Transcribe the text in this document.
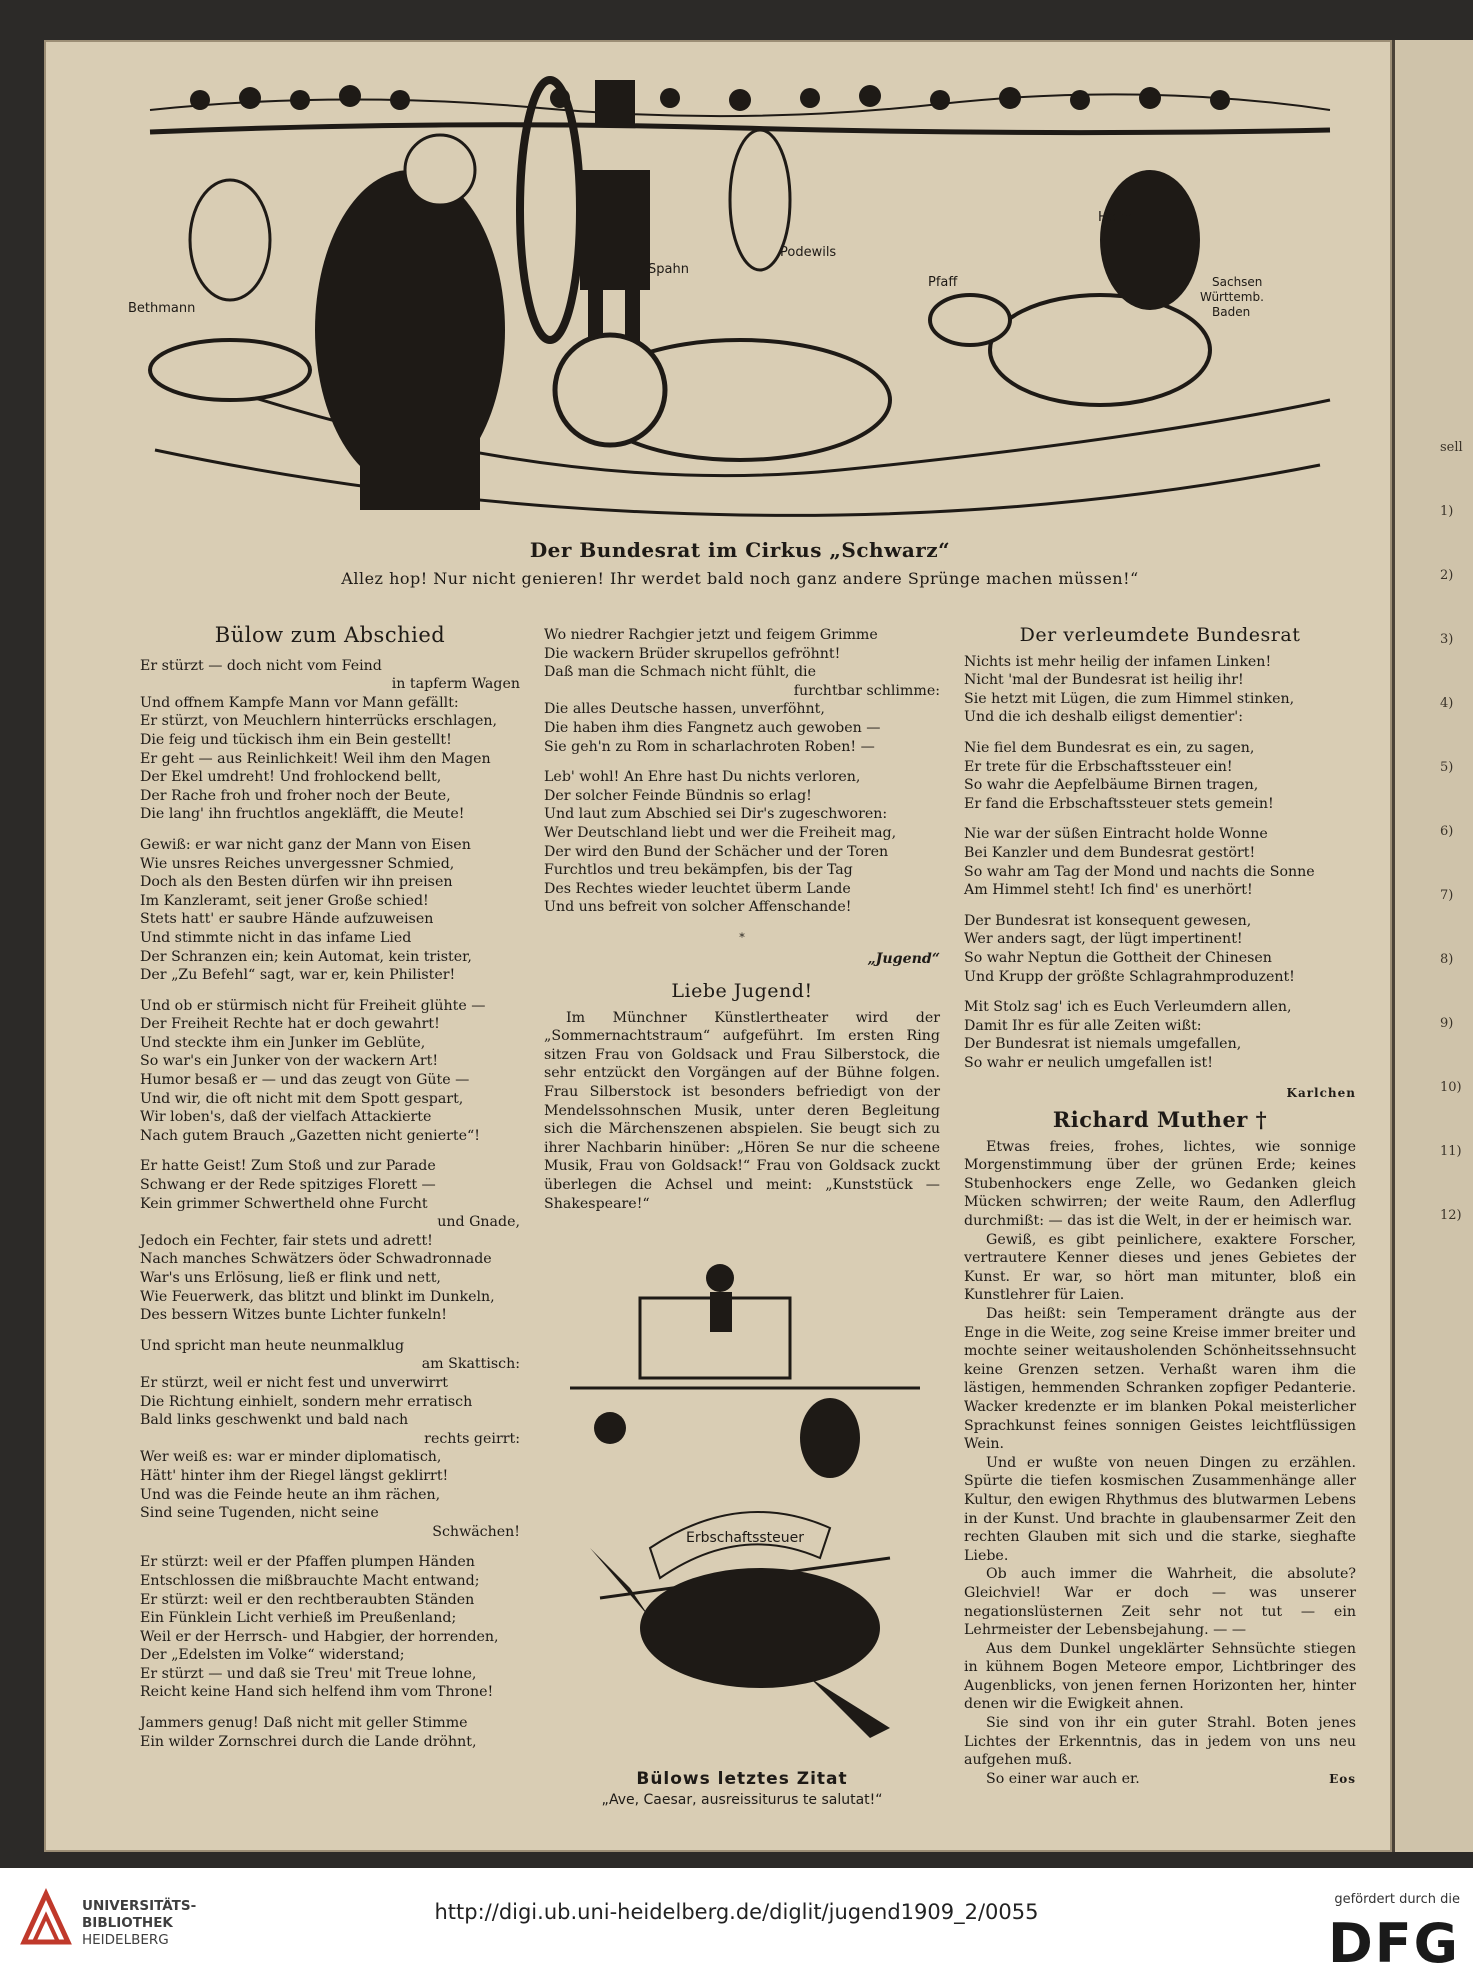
sell
1)
2)
3)
4)
5)
6)
7)
8)
9)
10)
11)
12)
Bethmann
Spahn
Podewils
Pfaff
Heim
Sachsen
Württemb.
Baden
Der Bundesrat im Cirkus „Schwarz“
Allez hop! Nur nicht genieren! Ihr werdet bald noch ganz andere Sprünge machen müssen!“
Bülow zum Abschied
Er stürzt — doch nicht vom Feind
in tapferm Wagen
Und offnem Kampfe Mann vor Mann gefällt:
Er stürzt, von Meuchlern hinterrücks erschlagen,
Die feig und tückisch ihm ein Bein gestellt!
Er geht — aus Reinlichkeit! Weil ihm den Magen
Der Ekel umdreht! Und frohlockend bellt,
Der Rache froh und froher noch der Beute,
Die lang' ihn fruchtlos angekläfft, die Meute!
Gewiß: er war nicht ganz der Mann von Eisen
Wie unsres Reiches unvergessner Schmied,
Doch als den Besten dürfen wir ihn preisen
Im Kanzleramt, seit jener Große schied!
Stets hatt' er saubre Hände aufzuweisen
Und stimmte nicht in das infame Lied
Der Schranzen ein; kein Automat, kein trister,
Der „Zu Befehl“ sagt, war er, kein Philister!
Und ob er stürmisch nicht für Freiheit glühte —
Der Freiheit Rechte hat er doch gewahrt!
Und steckte ihm ein Junker im Geblüte,
So war's ein Junker von der wackern Art!
Humor besaß er — und das zeugt von Güte —
Und wir, die oft nicht mit dem Spott gespart,
Wir loben's, daß der vielfach Attackierte
Nach gutem Brauch „Gazetten nicht genierte“!
Er hatte Geist! Zum Stoß und zur Parade
Schwang er der Rede spitziges Florett —
Kein grimmer Schwertheld ohne Furcht
und Gnade,
Jedoch ein Fechter, fair stets und adrett!
Nach manches Schwätzers öder Schwadronnade
War's uns Erlösung, ließ er flink und nett,
Wie Feuerwerk, das blitzt und blinkt im Dunkeln,
Des bessern Witzes bunte Lichter funkeln!
Und spricht man heute neunmalklug
am Skattisch:
Er stürzt, weil er nicht fest und unverwirrt
Die Richtung einhielt, sondern mehr erratisch
Bald links geschwenkt und bald nach
rechts geirrt:
Wer weiß es: war er minder diplomatisch,
Hätt' hinter ihm der Riegel längst geklirrt!
Und was die Feinde heute an ihm rächen,
Sind seine Tugenden, nicht seine
Schwächen!
Er stürzt: weil er der Pfaffen plumpen Händen
Entschlossen die mißbrauchte Macht entwand;
Er stürzt: weil er den rechtberaubten Ständen
Ein Fünklein Licht verhieß im Preußenland;
Weil er der Herrsch- und Habgier, der horrenden,
Der „Edelsten im Volke“ widerstand;
Er stürzt — und daß sie Treu' mit Treue lohne,
Reicht keine Hand sich helfend ihm vom Throne!
Jammers genug! Daß nicht mit geller Stimme
Ein wilder Zornschrei durch die Lande dröhnt,
Wo niedrer Rachgier jetzt und feigem Grimme
Die wackern Brüder skrupellos gefröhnt!
Daß man die Schmach nicht fühlt, die
furchtbar schlimme:
Die alles Deutsche hassen, unverföhnt,
Die haben ihm dies Fangnetz auch gewoben —
Sie geh'n zu Rom in scharlachroten Roben! —
Leb' wohl! An Ehre hast Du nichts verloren,
Der solcher Feinde Bündnis so erlag!
Und laut zum Abschied sei Dir's zugeschworen:
Wer Deutschland liebt und wer die Freiheit mag,
Der wird den Bund der Schächer und der Toren
Furchtlos und treu bekämpfen, bis der Tag
Des Rechtes wieder leuchtet überm Lande
Und uns befreit von solcher Affenschande!
*
„Jugend“
Liebe Jugend!

Im Münchner Künstlertheater wird der „Sommernachtstraum“ aufgeführt. Im ersten Ring sitzen Frau von Goldsack und Frau Silberstock, die sehr entzückt den Vorgängen auf der Bühne folgen. Frau Silberstock ist besonders befriedigt von der Mendelssohnschen Musik, unter deren Begleitung sich die Märchenszenen abspielen. Sie beugt sich zu ihrer Nachbarin hinüber: „Hören Se nur die scheene Musik, Frau von Goldsack!“ Frau von Goldsack zuckt überlegen die Achsel und meint: „Kunststück — Shakespeare!“

Erbschaftssteuer
Bülows letztes Zitat
„Ave, Caesar, ausreissiturus te salutat!“
Der verleumdete Bundesrat
Nichts ist mehr heilig der infamen Linken!
Nicht 'mal der Bundesrat ist heilig ihr!
Sie hetzt mit Lügen, die zum Himmel stinken,
Und die ich deshalb eiligst dementier':
Nie fiel dem Bundesrat es ein, zu sagen,
Er trete für die Erbschaftssteuer ein!
So wahr die Aepfelbäume Birnen tragen,
Er fand die Erbschaftssteuer stets gemein!
Nie war der süßen Eintracht holde Wonne
Bei Kanzler und dem Bundesrat gestört!
So wahr am Tag der Mond und nachts die Sonne
Am Himmel steht! Ich find' es unerhört!
Der Bundesrat ist konsequent gewesen,
Wer anders sagt, der lügt impertinent!
So wahr Neptun die Gottheit der Chinesen
Und Krupp der größte Schlagrahmproduzent!
Mit Stolz sag' ich es Euch Verleumdern allen,
Damit Ihr es für alle Zeiten wißt:
Der Bundesrat ist niemals umgefallen,
So wahr er neulich umgefallen ist!
Karlchen
Richard Muther †

Etwas freies, frohes, lichtes, wie sonnige Morgenstimmung über der grünen Erde; keines Stubenhockers enge Zelle, wo Gedanken gleich Mücken schwirren; der weite Raum, den Adlerflug durchmißt: — das ist die Welt, in der er heimisch war.

Gewiß, es gibt peinlichere, exaktere Forscher, vertrautere Kenner dieses und jenes Gebietes der Kunst. Er war, so hört man mitunter, bloß ein Kunstlehrer für Laien.

Das heißt: sein Temperament drängte aus der Enge in die Weite, zog seine Kreise immer breiter und mochte seiner weitausholenden Schönheitssehnsucht keine Grenzen setzen. Verhaßt waren ihm die lästigen, hemmenden Schranken zopfiger Pedanterie. Wacker kredenzte er im blanken Pokal meisterlicher Sprachkunst feines sonnigen Geistes leichtflüssigen Wein.

Und er wußte von neuen Dingen zu erzählen. Spürte die tiefen kosmischen Zusammenhänge aller Kultur, den ewigen Rhythmus des blutwarmen Lebens in der Kunst. Und brachte in glaubensarmer Zeit den rechten Glauben mit sich und die starke, sieghafte Liebe.

Ob auch immer die Wahrheit, die absolute? Gleichviel! War er doch — was unserer negationslüsternen Zeit sehr not tut — ein Lehrmeister der Lebensbejahung. — —

Aus dem Dunkel ungeklärter Sehnsüchte stiegen in kühnem Bogen Meteore empor, Lichtbringer des Augenblicks, von jenen fernen Horizonten her, hinter denen wir die Ewigkeit ahnen.

Sie sind von ihr ein guter Strahl. Boten jenes Lichtes der Erkenntnis, das in jedem von uns neu aufgehen muß.

So einer war auch er.	Eos
UNIVERSITÄTS-
BIBLIOTHEK
HEIDELBERG
http://digi.ub.uni-heidelberg.de/diglit/jugend1909_2/0055
gefördert durch die
DFG
